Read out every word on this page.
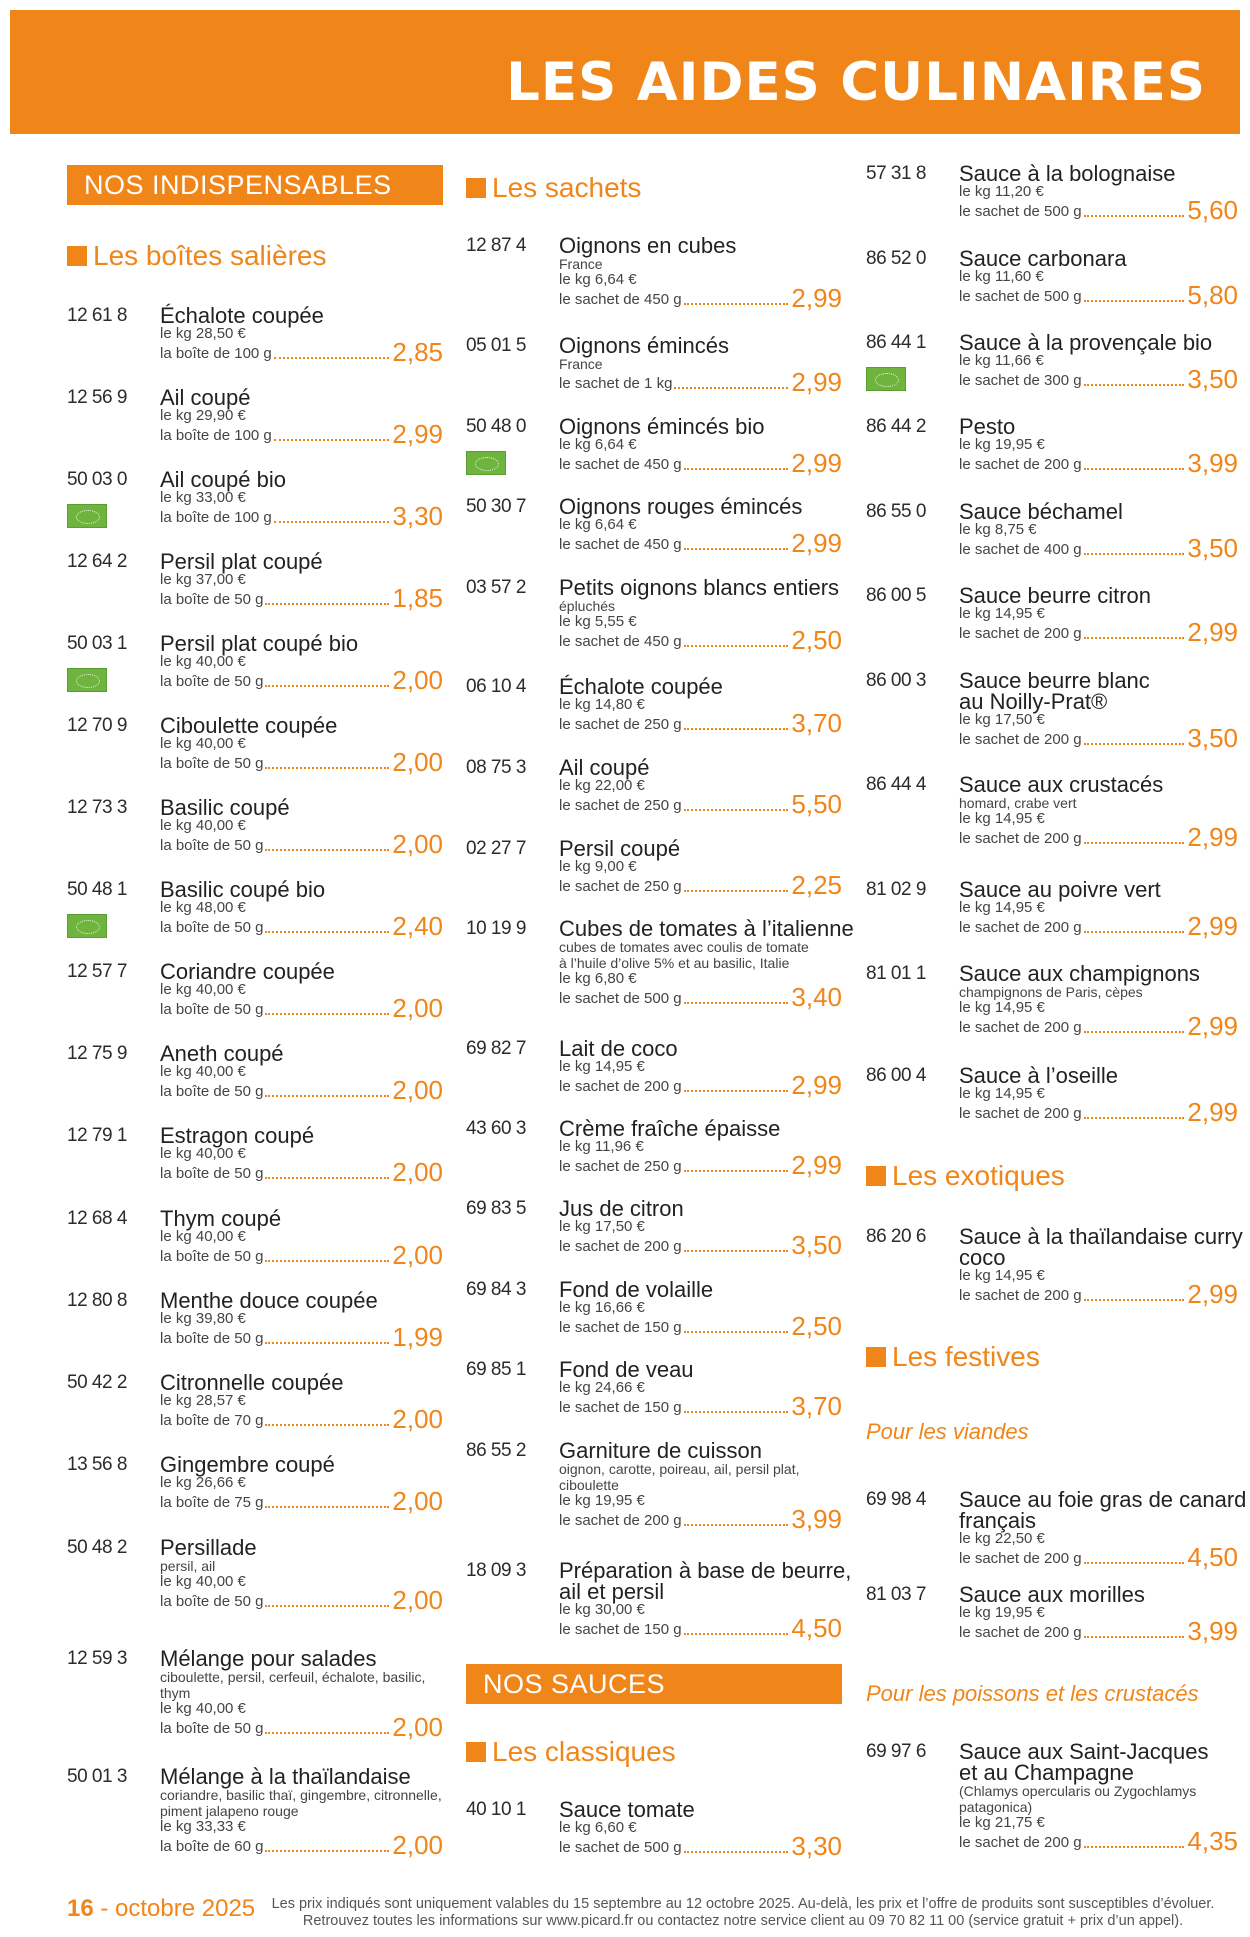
LES AIDES CULINAIRES
NOS INDISPENSABLES
Les boîtes salières
12 61 8 Échalote coupée
le kg 28,50 €
la boîte de 100 g	2,85
12 56 9 Ail coupé
le kg 29,90 €
la boîte de 100 g	2,99
50 03 0 Ail coupé bio
le kg 33,00 €
la boîte de 100 g	3,30
12 64 2 Persil plat coupé
le kg 37,00 €
la boîte de 50 g	1,85
50 03 1 Persil plat coupé bio
le kg 40,00 €
la boîte de 50 g	2,00
12 70 9 Ciboulette coupée
le kg 40,00 €
la boîte de 50 g	2,00
12 73 3 Basilic coupé
le kg 40,00 €
la boîte de 50 g	2,00
50 48 1 Basilic coupé bio
le kg 48,00 €
la boîte de 50 g	2,40
12 57 7 Coriandre coupée
le kg 40,00 €
la boîte de 50 g	2,00
12 75 9 Aneth coupé
le kg 40,00 €
la boîte de 50 g	2,00
12 79 1 Estragon coupé
le kg 40,00 €
la boîte de 50 g	2,00
12 68 4 Thym coupé
le kg 40,00 €
la boîte de 50 g	2,00
12 80 8 Menthe douce coupée
le kg 39,80 €
la boîte de 50 g	1,99
50 42 2 Citronnelle coupée
le kg 28,57 €
la boîte de 70 g	2,00
13 56 8 Gingembre coupé
le kg 26,66 €
la boîte de 75 g	2,00
50 48 2 Persillade
persil, ail
le kg 40,00 €
la boîte de 50 g	2,00
12 59 3 Mélange pour salades
ciboulette, persil, cerfeuil, échalote, basilic,
thym
le kg 40,00 €
la boîte de 50 g	2,00
50 01 3 Mélange à la thaïlandaise
coriandre, basilic thaï, gingembre, citronnelle,
piment jalapeno rouge
le kg 33,33 €
la boîte de 60 g	2,00
Les sachets
12 87 4 Oignons en cubes
France
le kg 6,64 €
le sachet de 450 g	2,99
05 01 5 Oignons émincés
France
le sachet de 1 kg	2,99
50 48 0 Oignons émincés bio
le kg 6,64 €
le sachet de 450 g	2,99
50 30 7 Oignons rouges émincés
le kg 6,64 €
le sachet de 450 g	2,99
03 57 2 Petits oignons blancs entiers
épluchés
le kg 5,55 €
le sachet de 450 g	2,50
06 10 4 Échalote coupée
le kg 14,80 €
le sachet de 250 g	3,70
08 75 3 Ail coupé
le kg 22,00 €
le sachet de 250 g	5,50
02 27 7 Persil coupé
le kg 9,00 €
le sachet de 250 g	2,25
10 19 9 Cubes de tomates à l’italienne
cubes de tomates avec coulis de tomate
à l’huile d’olive 5% et au basilic, Italie
le kg 6,80 €
le sachet de 500 g	3,40
69 82 7 Lait de coco
le kg 14,95 €
le sachet de 200 g	2,99
43 60 3 Crème fraîche épaisse
le kg 11,96 €
le sachet de 250 g	2,99
69 83 5 Jus de citron
le kg 17,50 €
le sachet de 200 g	3,50
69 84 3 Fond de volaille
le kg 16,66 €
le sachet de 150 g	2,50
69 85 1 Fond de veau
le kg 24,66 €
le sachet de 150 g	3,70
86 55 2 Garniture de cuisson
oignon, carotte, poireau, ail, persil plat,
ciboulette
le kg 19,95 €
le sachet de 200 g	3,99
18 09 3 Préparation à base de beurre,
ail et persil
le kg 30,00 €
le sachet de 150 g	4,50
NOS SAUCES
Les classiques
40 10 1 Sauce tomate
le kg 6,60 €
le sachet de 500 g	3,30
57 31 8 Sauce à la bolognaise
le kg 11,20 €
le sachet de 500 g	5,60
86 52 0 Sauce carbonara
le kg 11,60 €
le sachet de 500 g	5,80
86 44 1 Sauce à la provençale bio
le kg 11,66 €
le sachet de 300 g	3,50
86 44 2 Pesto
le kg 19,95 €
le sachet de 200 g	3,99
86 55 0 Sauce béchamel
le kg 8,75 €
le sachet de 400 g	3,50
86 00 5 Sauce beurre citron
le kg 14,95 €
le sachet de 200 g	2,99
86 00 3 Sauce beurre blanc
au Noilly-Prat®
le kg 17,50 €
le sachet de 200 g	3,50
86 44 4 Sauce aux crustacés
homard, crabe vert
le kg 14,95 €
le sachet de 200 g	2,99
81 02 9 Sauce au poivre vert
le kg 14,95 €
le sachet de 200 g	2,99
81 01 1 Sauce aux champignons
champignons de Paris, cèpes
le kg 14,95 €
le sachet de 200 g	2,99
86 00 4 Sauce à l’oseille
le kg 14,95 €
le sachet de 200 g	2,99
Les exotiques
86 20 6 Sauce à la thaïlandaise curry
coco
le kg 14,95 €
le sachet de 200 g	2,99
Les festives
Pour les viandes
69 98 4 Sauce au foie gras de canard
français
le kg 22,50 €
le sachet de 200 g	4,50
81 03 7 Sauce aux morilles
le kg 19,95 €
le sachet de 200 g	3,99
Pour les poissons et les crustacés
69 97 6 Sauce aux Saint-Jacques
et au Champagne
(Chlamys opercularis ou Zygochlamys
patagonica)
le kg 21,75 €
le sachet de 200 g	4,35
16 - octobre 2025 Les prix indiqués sont uniquement valables du 15 septembre au 12 octobre 2025. Au-delà, les prix et l’offre de produits sont susceptibles d’évoluer.
Retrouvez toutes les informations sur www.picard.fr ou contactez notre service client au 09 70 82 11 00 (service gratuit + prix d’un appel).
